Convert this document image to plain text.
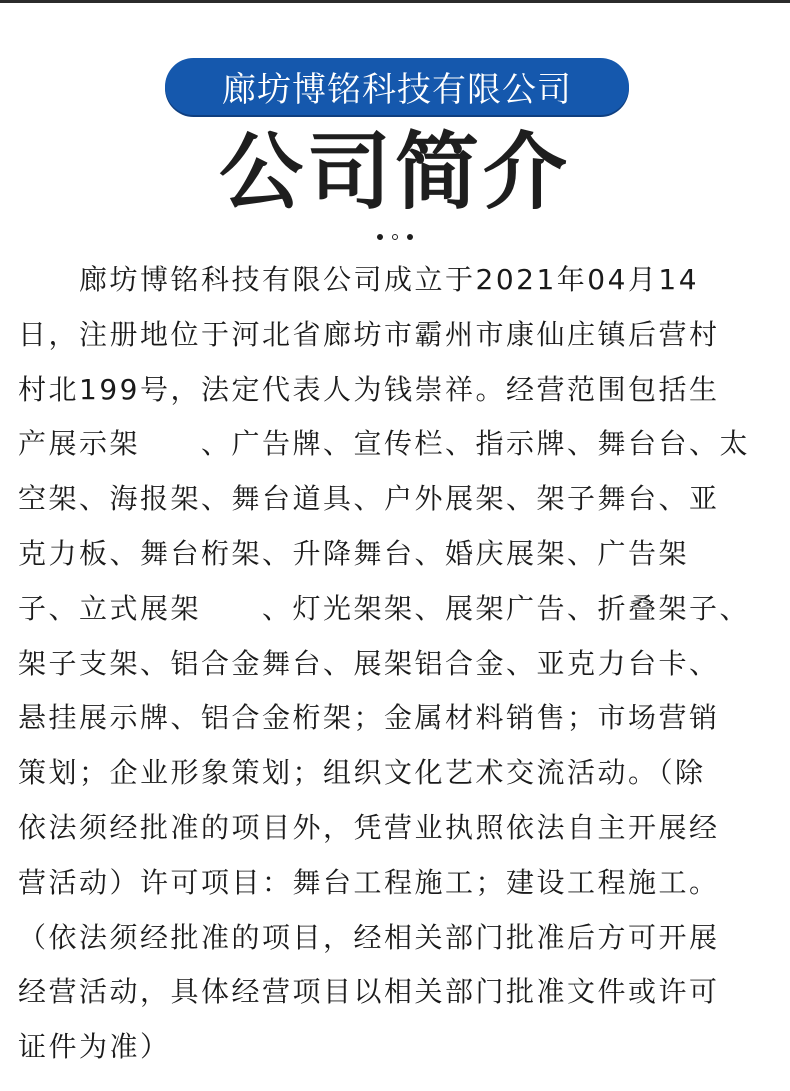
廊坊博铭科技有限公司
公司简介
　　廊坊博铭科技有限公司成立于2021年04月14
日，注册地位于河北省廊坊市霸州市康仙庄镇后营村
村北199号，法定代表人为钱崇祥。经营范围包括生
产展示架　　、广告牌、宣传栏、指示牌、舞台台、太
空架、海报架、舞台道具、户外展架、架子舞台、亚
克力板、舞台桁架、升降舞台、婚庆展架、广告架
子、立式展架　　、灯光架架、展架广告、折叠架子、
架子支架、铝合金舞台、展架铝合金、亚克力台卡、
悬挂展示牌、铝合金桁架；金属材料销售；市场营销
策划；企业形象策划；组织文化艺术交流活动。（除
依法须经批准的项目外，凭营业执照依法自主开展经
营活动）许可项目：舞台工程施工；建设工程施工。
（依法须经批准的项目，经相关部门批准后方可开展
经营活动，具体经营项目以相关部门批准文件或许可
证件为准）
